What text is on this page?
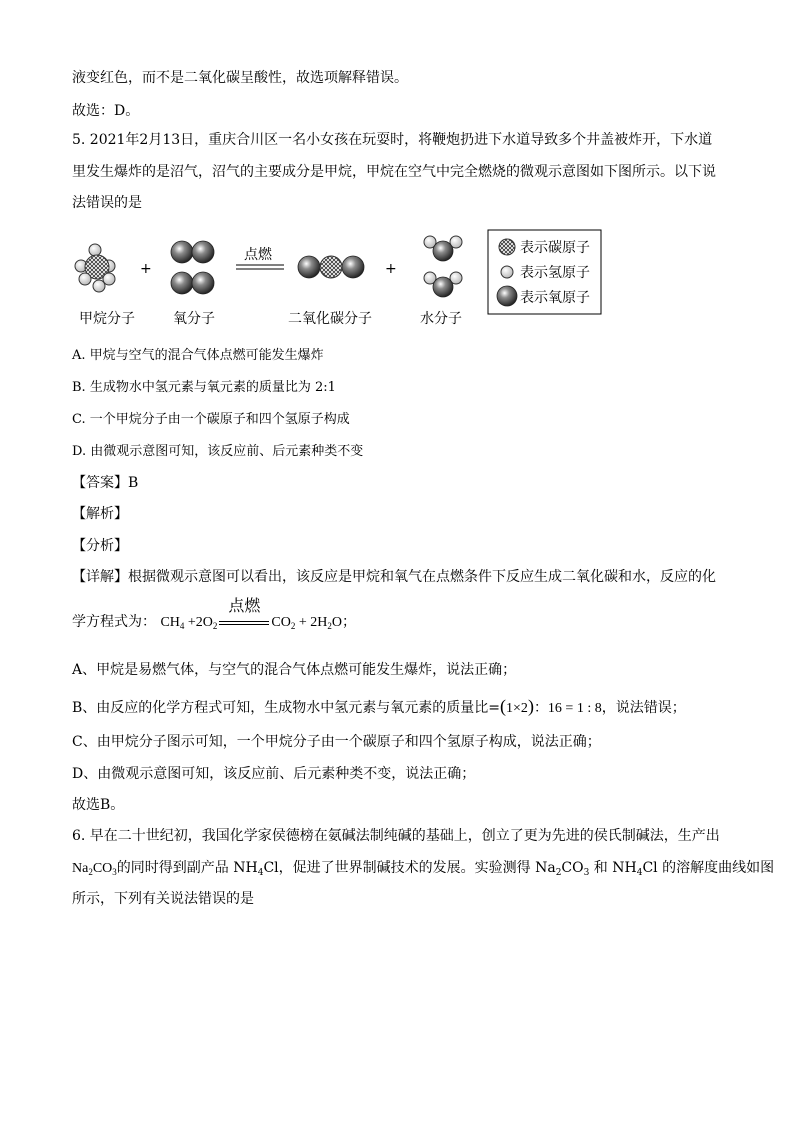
液变红色，而不是二氧化碳呈酸性，故选项解释错误。
故选：D。
5. 2021年2月13日，重庆合川区一名小女孩在玩耍时，将鞭炮扔进下水道导致多个井盖被炸开，下水道
里发生爆炸的是沼气，沼气的主要成分是甲烷，甲烷在空气中完全燃烧的微观示意图如下图所示。以下说
法错误的是
甲烷分子
+
氧分子
点燃
二氧化碳分子
+
水分子
表示碳原子
表示氢原子
表示氧原子
A. 甲烷与空气的混合气体点燃可能发生爆炸
B. 生成物水中氢元素与氧元素的质量比为 2:1
C. 一个甲烷分子由一个碳原子和四个氢原子构成
D. 由微观示意图可知，该反应前、后元素种类不变
【答案】B
【解析】
【分析】
【详解】根据微观示意图可以看出，该反应是甲烷和氧气在点燃条件下反应生成二氧化碳和水，反应的化
学方程式为： $CH_4 +2O_2$
点燃
$CO_2 + 2H_2O$；
A、甲烷是易燃气体，与空气的混合气体点燃可能发生爆炸，说法正确；
B、由反应的化学方程式可知，生成物水中氢元素与氧元素的质量比=(1×2)：16 = 1 : 8，说法错误；
C、由甲烷分子图示可知，一个甲烷分子由一个碳原子和四个氢原子构成，说法正确；
D、由微观示意图可知，该反应前、后元素种类不变，说法正确；
故选B。
6. 早在二十世纪初，我国化学家侯德榜在氨碱法制纯碱的基础上，创立了更为先进的侯氏制碱法，生产出
$Na_2CO_3$的同时得到副产品 $NH_4Cl$，促进了世界制碱技术的发展。实验测得 $Na_2CO_3$ 和 $NH_4Cl$ 的溶解度曲线如图
所示，下列有关说法错误的是
